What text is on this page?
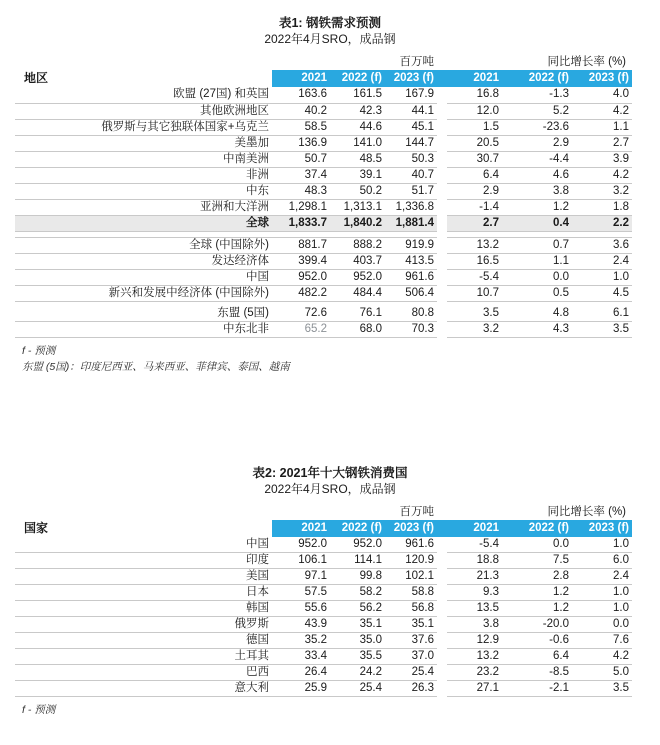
表1: 钢铁需求预测
2022年4月SRO，成品钢
	百万吨				同比增长率 (%)		
地区	2021	2022 (f)	2023 (f)		2021	2022 (f)	2023 (f)
欧盟 (27国) 和英国	163.6	161.5	167.9		16.8	-1.3	4.0
其他欧洲地区	40.2	42.3	44.1		12.0	5.2	4.2
俄罗斯与其它独联体国家+乌克兰	58.5	44.6	45.1		1.5	-23.6	1.1
美墨加	136.9	141.0	144.7		20.5	2.9	2.7
中南美洲	50.7	48.5	50.3		30.7	-4.4	3.9
非洲	37.4	39.1	40.7		6.4	4.6	4.2
中东	48.3	50.2	51.7		2.9	3.8	3.2
亚洲和大洋洲	1,298.1	1,313.1	1,336.8		-1.4	1.2	1.8
全球	1,833.7	1,840.2	1,881.4		2.7	0.4	2.2

全球 (中国除外)	881.7	888.2	919.9		13.2	0.7	3.6
发达经济体	399.4	403.7	413.5		16.5	1.1	2.4
中国	952.0	952.0	961.6		-5.4	0.0	1.0
新兴和发展中经济体 (中国除外)	482.2	484.4	506.4		10.7	0.5	4.5
东盟 (5国)	72.6	76.1	80.8		3.5	4.8	6.1
中东北非	65.2	68.0	70.3		3.2	4.3	3.5
f - 预测
东盟 (5国)：印度尼西亚、马来西亚、菲律宾、泰国、越南
表2: 2021年十大钢铁消费国
2022年4月SRO，成品钢
	百万吨				同比增长率 (%)		
国家	2021	2022 (f)	2023 (f)		2021	2022 (f)	2023 (f)
中国	952.0	952.0	961.6		-5.4	0.0	1.0
印度	106.1	114.1	120.9		18.8	7.5	6.0
美国	97.1	99.8	102.1		21.3	2.8	2.4
日本	57.5	58.2	58.8		9.3	1.2	1.0
韩国	55.6	56.2	56.8		13.5	1.2	1.0
俄罗斯	43.9	35.1	35.1		3.8	-20.0	0.0
德国	35.2	35.0	37.6		12.9	-0.6	7.6
土耳其	33.4	35.5	37.0		13.2	6.4	4.2
巴西	26.4	24.2	25.4		23.2	-8.5	5.0
意大利	25.9	25.4	26.3		27.1	-2.1	3.5
f - 预测
